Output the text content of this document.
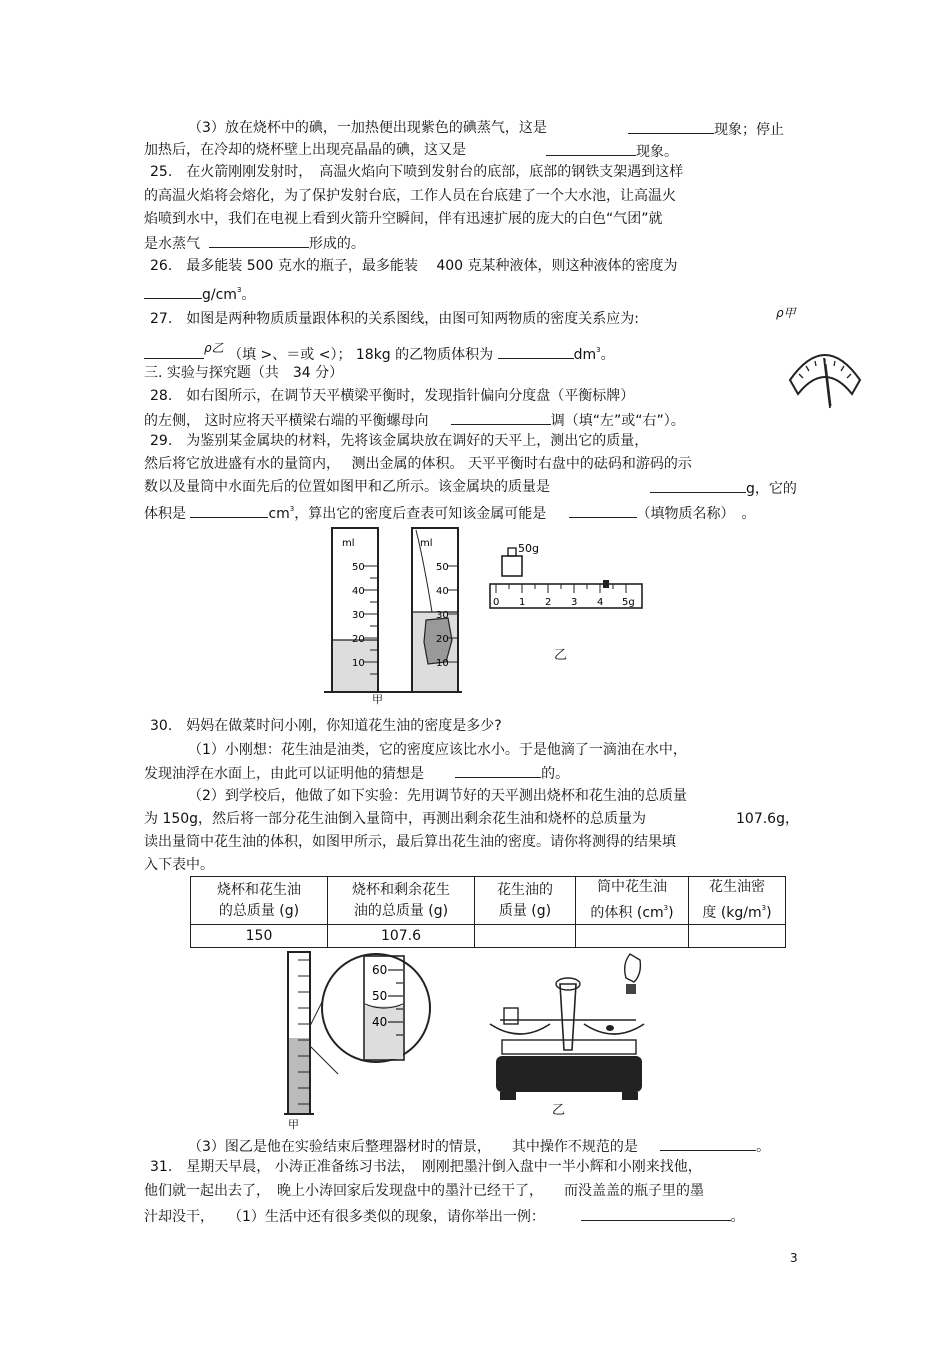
（3）放在烧杯中的碘，一加热便出现紫色的碘蒸气，这是	现象；停止
加热后，在冷却的烧杯壁上出现亮晶晶的碘，这又是	现象。
25.　在火箭刚刚发射时，　高温火焰向下喷到发射台的底部，底部的钢铁支架遇到这样
的高温火焰将会熔化，为了保护发射台底，工作人员在台底建了一个大水池，让高温火
焰喷到水中，我们在电视上看到火箭升空瞬间，伴有迅速扩展的庞大的白色“气团”就
是水蒸气	形成的。
26.　最多能装 500 克水的瓶子，最多能装　 400 克某种液体，则这种液体的密度为
$g/cm^3$。
27.　如图是两种物质质量跟体积的关系图线，由图可知两物质的密度关系应为:	ρ甲
ρ乙 （填 >、＝或 <）； 18kg 的乙物质体积为	$dm^3$。
三. 实验与探究题（共　34 分）
28.　如右图所示，在调节天平横梁平衡时，发现指针偏向分度盘（平衡标牌）
的左侧， 这时应将天平横梁右端的平衡螺母向	调（填“左”或“右”）。
29.　为鉴别某金属块的材料，先将该金属块放在调好的天平上，测出它的质量，
然后将它放进盛有水的量筒内，　 测出金属的体积。 天平平衡时右盘中的砝码和游码的示
数以及量筒中水面先后的位置如图甲和乙所示。该金属块的质量是	g，它的
体积是	$cm^3$，算出它的密度后查表可知该金属可能是	（填物质名称）　。
ml
50
40
30
20
10
ml
50
40
30
20
10
甲
50g
0 1 2 3 4 5g
乙
30.　妈妈在做菜时问小刚，你知道花生油的密度是多少?
（1）小刚想：花生油是油类，它的密度应该比水小。于是他滴了一滴油在水中，
发现油浮在水面上，由此可以证明他的猜想是	的。
（2）到学校后，他做了如下实验：先用调节好的天平测出烧杯和花生油的总质量
为 150g，然后将一部分花生油倒入量筒中，再测出剩余花生油和烧杯的总质量为	107.6g，
读出量筒中花生油的体积，如图甲所示，最后算出花生油的密度。请你将测得的结果填
入下表中。
烧杯和花生油
的总质量 (g)	烧杯和剩余花生
油的总质量 (g)	花生油的
质量 (g)	筒中花生油
的体积 $(cm^3)$	花生油密
度 $(kg/m^3)$
150	107.6			
60
50
40
甲
乙
（3）图乙是他在实验结束后整理器材时的情景，　　其中操作不规范的是	。
31.　星期天早晨， 小涛正准备练习书法，　刚刚把墨汁倒入盘中一半小辉和小刚来找他，
他们就一起出去了，　晚上小涛回家后发现盘中的墨汁已经干了，　　而没盖盖的瓶子里的墨
汁却没干，　　（1）生活中还有很多类似的现象，请你举出一例：	。
3
